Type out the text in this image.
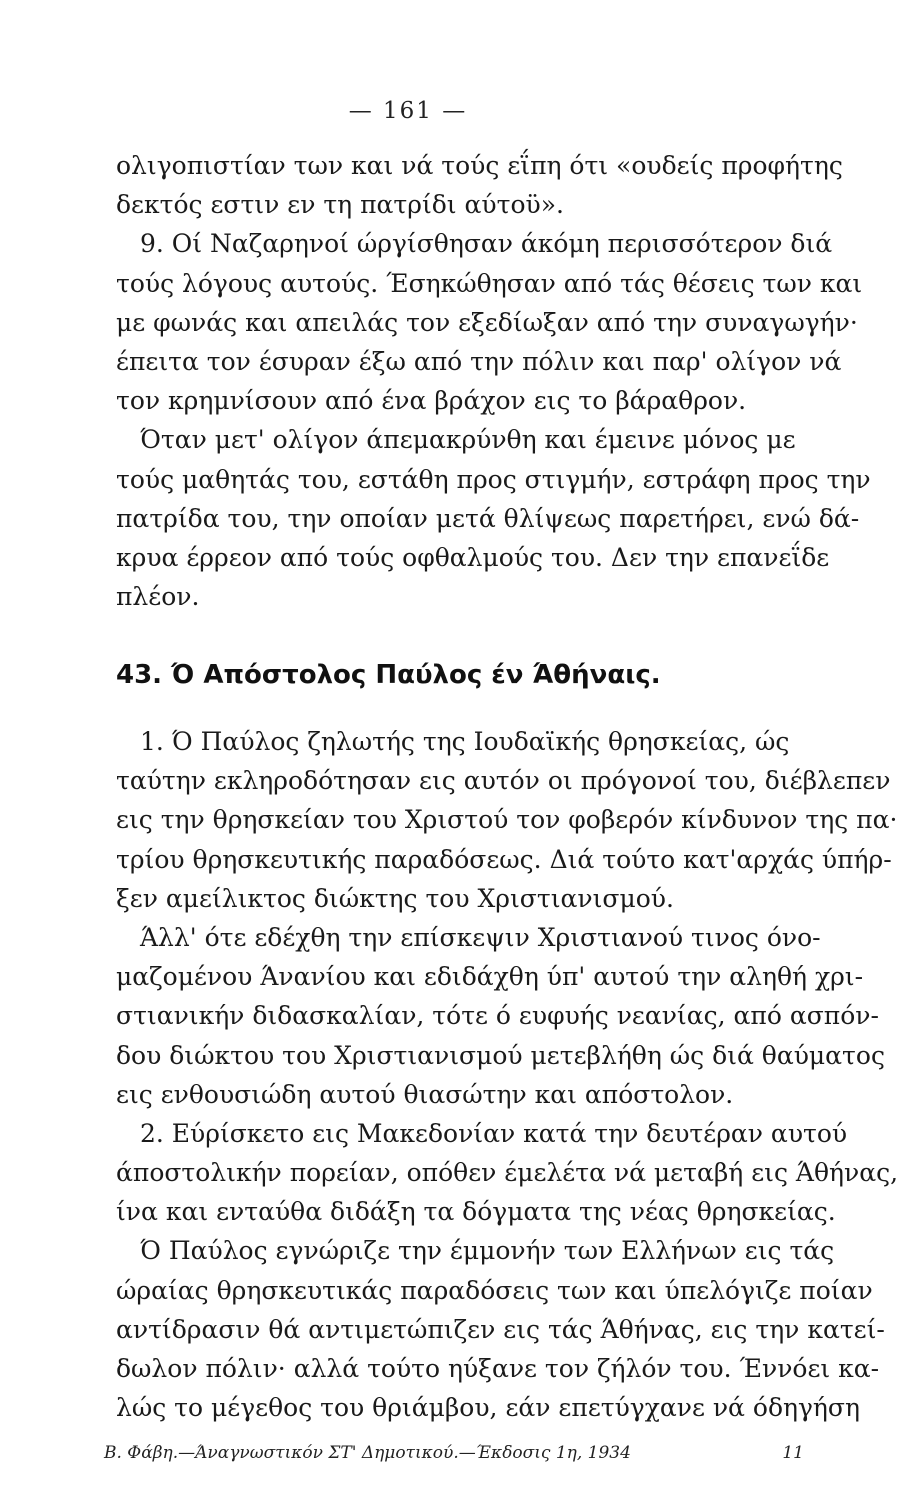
— 161 —
ολιγοπιστίαν των και νά τούς εΐπη ότι «ουδείς προφήτης
δεκτός εστιν εν τη πατρίδι αύτοϋ».
9. Οί Ναζαρηνοί ώργίσθησαν άκόμη περισσότερον διά
τούς λόγους αυτούς. Έσηκώθησαν από τάς θέσεις των και
με φωνάς και απειλάς τον εξεδίωξαν από την συναγωγήν·
έπειτα τον έσυραν έξω από την πόλιν και παρ' ολίγον νά
τον κρημνίσουν από ένα βράχον εις το βάραθρον.
Όταν μετ' ολίγον άπεμακρύνθη και έμεινε μόνος με
τούς μαθητάς του, εστάθη προς στιγμήν, εστράφη προς την
πατρίδα του, την οποίαν μετά θλίψεως παρετήρει, ενώ δά-
κρυα έρρεον από τούς οφθαλμούς του. Δεν την επανεΐδε
πλέον.
43. Ό Απόστολος Παύλος έν Άθήναις.
1. Ό Παύλος ζηλωτής της Ιουδαϊκής θρησκείας, ώς
ταύτην εκληροδότησαν εις αυτόν οι πρόγονοί του, διέβλεπεν
εις την θρησκείαν του Χριστού τον φοβερόν κίνδυνον της πα·
τρίου θρησκευτικής παραδόσεως. Διά τούτο κατ'αρχάς ύπήρ-
ξεν αμείλικτος διώκτης του Χριστιανισμού.
Άλλ' ότε εδέχθη την επίσκεψιν Χριστιανού τινος όνο-
μαζομένου Άνανίου και εδιδάχθη ύπ' αυτού την αληθή χρι-
στιανικήν διδασκαλίαν, τότε ό ευφυής νεανίας, από ασπόν-
δου διώκτου του Χριστιανισμού μετεβλήθη ώς διά θαύματος
εις ενθουσιώδη αυτού θιασώτην και απόστολον.
2. Εύρίσκετο εις Μακεδονίαν κατά την δευτέραν αυτού
άποστολικήν πορείαν, οπόθεν έμελέτα νά μεταβή εις Άθήνας,
ίνα και ενταύθα διδάξη τα δόγματα της νέας θρησκείας.
Ό Παύλος εγνώριζε την έμμονήν των Ελλήνων εις τάς
ώραίας θρησκευτικάς παραδόσεις των και ύπελόγιζε ποίαν
αντίδρασιν θά αντιμετώπιζεν εις τάς Άθήνας, εις την κατεί-
δωλον πόλιν· αλλά τούτο ηύξανε τον ζήλόν του. Έννόει κα-
λώς το μέγεθος του θριάμβου, εάν επετύγχανε νά όδηγήση
Β. Φάβη.—Άναγνωστικόν ΣΤ' Δημοτικού.—Έκδοσις 1η, 1934	11
